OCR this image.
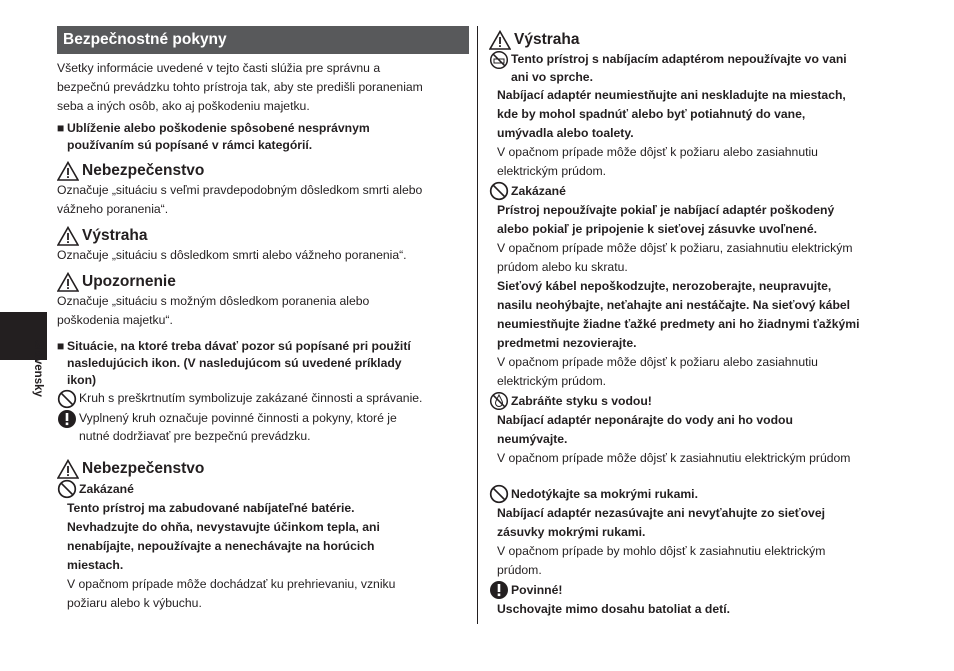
Slovensky
Bezpečnostné pokyny

Všetky informácie uvedené v tejto časti slúžia pre správnu a

bezpečnú prevádzku tohto prístroja tak, aby ste predišli poraneniam

seba a iných osôb, ako aj poškodeniu majetku.

■ Ublíženie alebo poškodenie spôsobené nesprávnym
používaním sú popísané v rámci kategórií.
Nebezpečenstvo

Označuje „situáciu s veľmi pravdepodobným dôsledkom smrti alebo

vážneho poranenia“.

Výstraha

Označuje „situáciu s dôsledkom smrti alebo vážneho poranenia“.

Upozornenie

Označuje „situáciu s možným dôsledkom poranenia alebo

poškodenia majetku“.

■ Situácie, na ktoré treba dávať pozor sú popísané pri použití
nasledujúcich ikon. (V nasledujúcom sú uvedené príklady
ikon)
Kruh s preškrtnutím symbolizuje zakázané činnosti a správanie.
Vyplnený kruh označuje povinné činnosti a pokyny, ktoré je
nutné dodržiavať pre bezpečnú prevádzku.
Nebezpečenstvo
Zakázané

Tento prístroj ma zabudované nabíjateľné batérie.

Nevhadzujte do ohňa, nevystavujte účinkom tepla, ani

nenabíjajte, nepoužívajte a nenechávajte na horúcich

miestach.

V opačnom prípade môže dochádzať ku prehrievaniu, vzniku

požiaru alebo k výbuchu.

Výstraha
Tento prístroj s nabíjacím adaptérom nepoužívajte vo vani
ani vo sprche.

Nabíjací adaptér neumiestňujte ani neskladujte na miestach,

kde by mohol spadnúť alebo byť potiahnutý do vane,

umývadla alebo toalety.

V opačnom prípade môže dôjsť k požiaru alebo zasiahnutiu

elektrickým prúdom.

Zakázané

Prístroj nepoužívajte pokiaľ je nabíjací adaptér poškodený

alebo pokiaľ je pripojenie k sieťovej zásuvke uvoľnené.

V opačnom prípade môže dôjsť k požiaru, zasiahnutiu elektrickým

prúdom alebo ku skratu.

Sieťový kábel nepoškodzujte, nerozoberajte, neupravujte,

nasilu neohýbajte, neťahajte ani nestáčajte. Na sieťový kábel

neumiestňujte žiadne ťažké predmety ani ho žiadnymi ťažkými

predmetmi nezovierajte.

V opačnom prípade môže dôjsť k požiaru alebo zasiahnutiu

elektrickým prúdom.

Zabráňte styku s vodou!

Nabíjací adaptér neponárajte do vody ani ho vodou

neumývajte.

V opačnom prípade môže dôjsť k zasiahnutiu elektrickým prúdom

Nedotýkajte sa mokrými rukami.

Nabíjací adaptér nezasúvajte ani nevyťahujte zo sieťovej

zásuvky mokrými rukami.

V opačnom prípade by mohlo dôjsť k zasiahnutiu elektrickým

prúdom.

Povinné!

Uschovajte mimo dosahu batoliat a detí.
